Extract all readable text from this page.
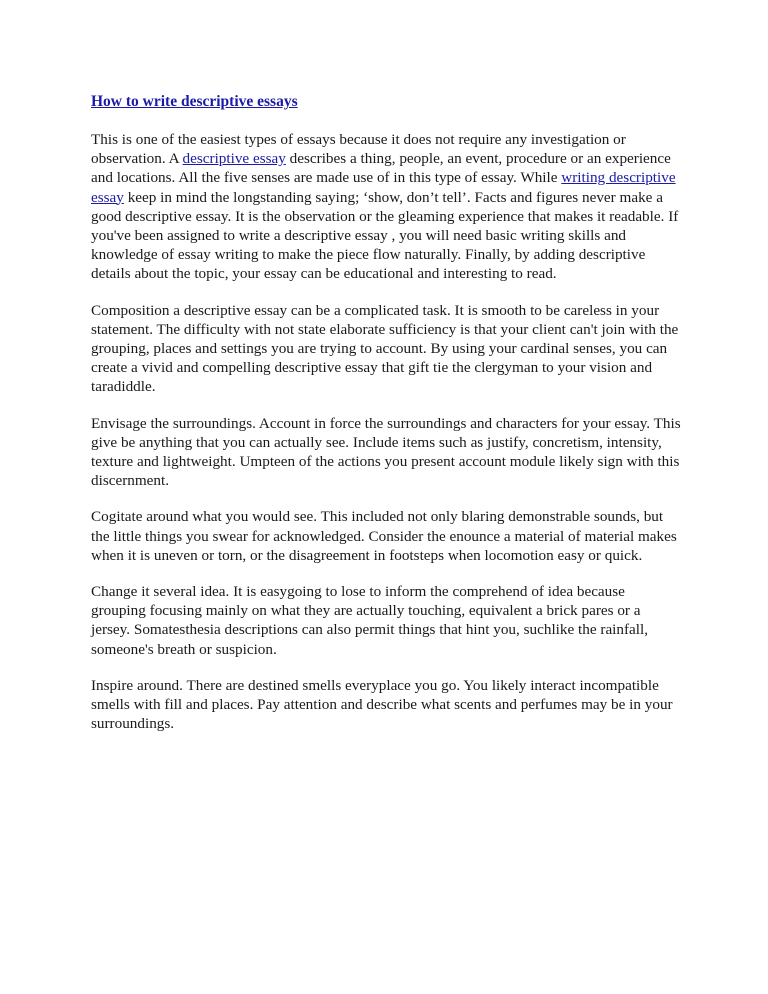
How to write descriptive essays

This is one of the easiest types of essays because it does not require any investigation or
observation. A descriptive essay describes a thing, people, an event, procedure or an experience
and locations. All the five senses are made use of in this type of essay. While writing descriptive
essay keep in mind the longstanding saying; ‘show, don’t tell’. Facts and figures never make a
good descriptive essay. It is the observation or the gleaming experience that makes it readable. If
you've been assigned to write a descriptive essay , you will need basic writing skills and
knowledge of essay writing to make the piece flow naturally. Finally, by adding descriptive
details about the topic, your essay can be educational and interesting to read.

Composition a descriptive essay can be a complicated task. It is smooth to be careless in your
statement. The difficulty with not state elaborate sufficiency is that your client can't join with the
grouping, places and settings you are trying to account. By using your cardinal senses, you can
create a vivid and compelling descriptive essay that gift tie the clergyman to your vision and
taradiddle.

Envisage the surroundings. Account in force the surroundings and characters for your essay. This
give be anything that you can actually see. Include items such as justify, concretism, intensity,
texture and lightweight. Umpteen of the actions you present account module likely sign with this
discernment.

Cogitate around what you would see. This included not only blaring demonstrable sounds, but
the little things you swear for acknowledged. Consider the enounce a material of material makes
when it is uneven or torn, or the disagreement in footsteps when locomotion easy or quick.

Change it several idea. It is easygoing to lose to inform the comprehend of idea because
grouping focusing mainly on what they are actually touching, equivalent a brick pares or a
jersey. Somatesthesia descriptions can also permit things that hint you, suchlike the rainfall,
someone's breath or suspicion.

Inspire around. There are destined smells everyplace you go. You likely interact incompatible
smells with fill and places. Pay attention and describe what scents and perfumes may be in your
surroundings.
